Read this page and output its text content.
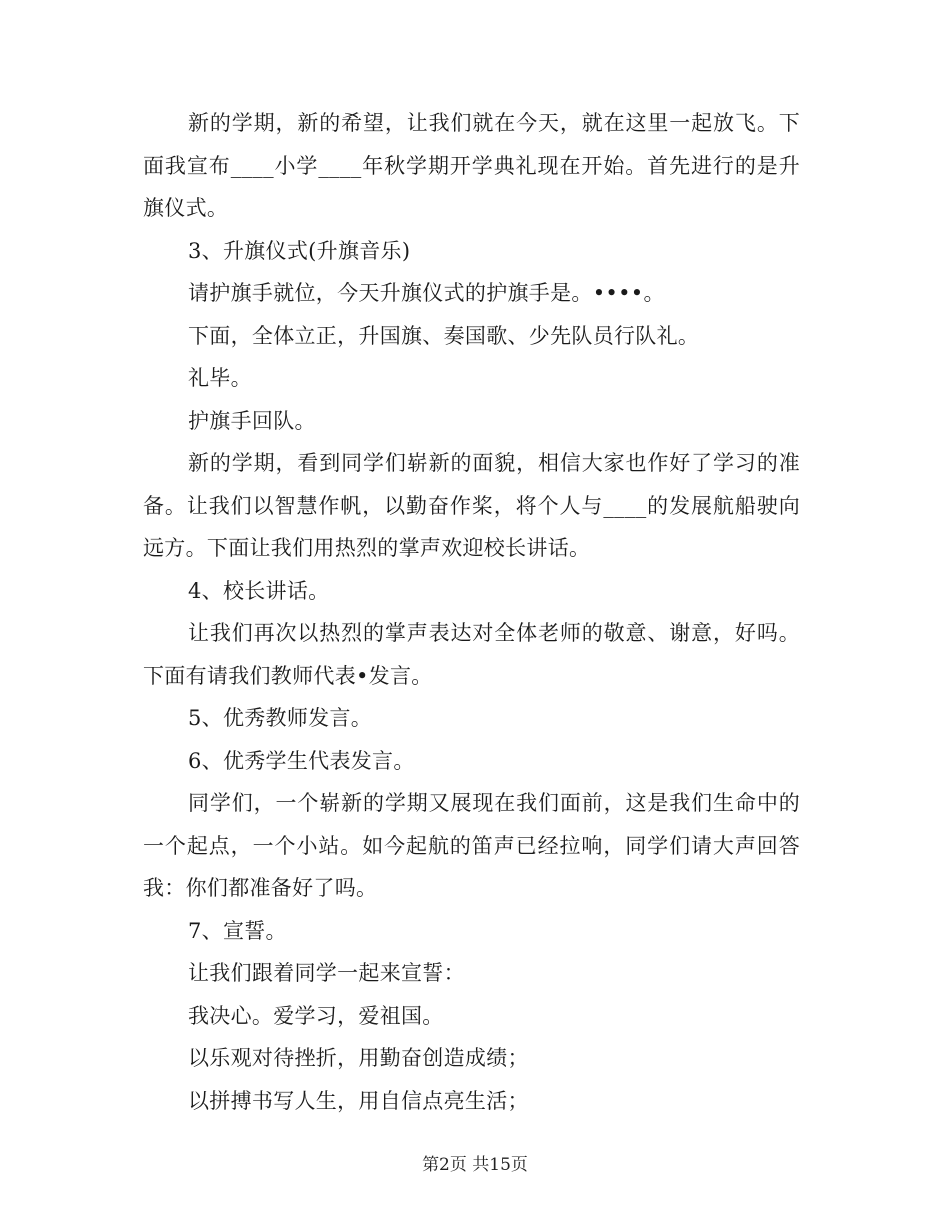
新的学期，新的希望，让我们就在今天，就在这里一起放飞。下面我宣布____小学____年秋学期开学典礼现在开始。首先进行的是升旗仪式。

3、升旗仪式(升旗音乐)

请护旗手就位，今天升旗仪式的护旗手是。••••。

下面，全体立正，升国旗、奏国歌、少先队员行队礼。

礼毕。

护旗手回队。

新的学期，看到同学们崭新的面貌，相信大家也作好了学习的准备。让我们以智慧作帆，以勤奋作桨，将个人与____的发展航船驶向远方。下面让我们用热烈的掌声欢迎校长讲话。

4、校长讲话。

让我们再次以热烈的掌声表达对全体老师的敬意、谢意，好吗。下面有请我们教师代表•发言。

5、优秀教师发言。

6、优秀学生代表发言。

同学们，一个崭新的学期又展现在我们面前，这是我们生命中的一个起点，一个小站。如今起航的笛声已经拉响，同学们请大声回答我：你们都准备好了吗。

7、宣誓。

让我们跟着同学一起来宣誓：

我决心。爱学习，爱祖国。

以乐观对待挫折，用勤奋创造成绩；

以拼搏书写人生，用自信点亮生活；

第2页 共15页
